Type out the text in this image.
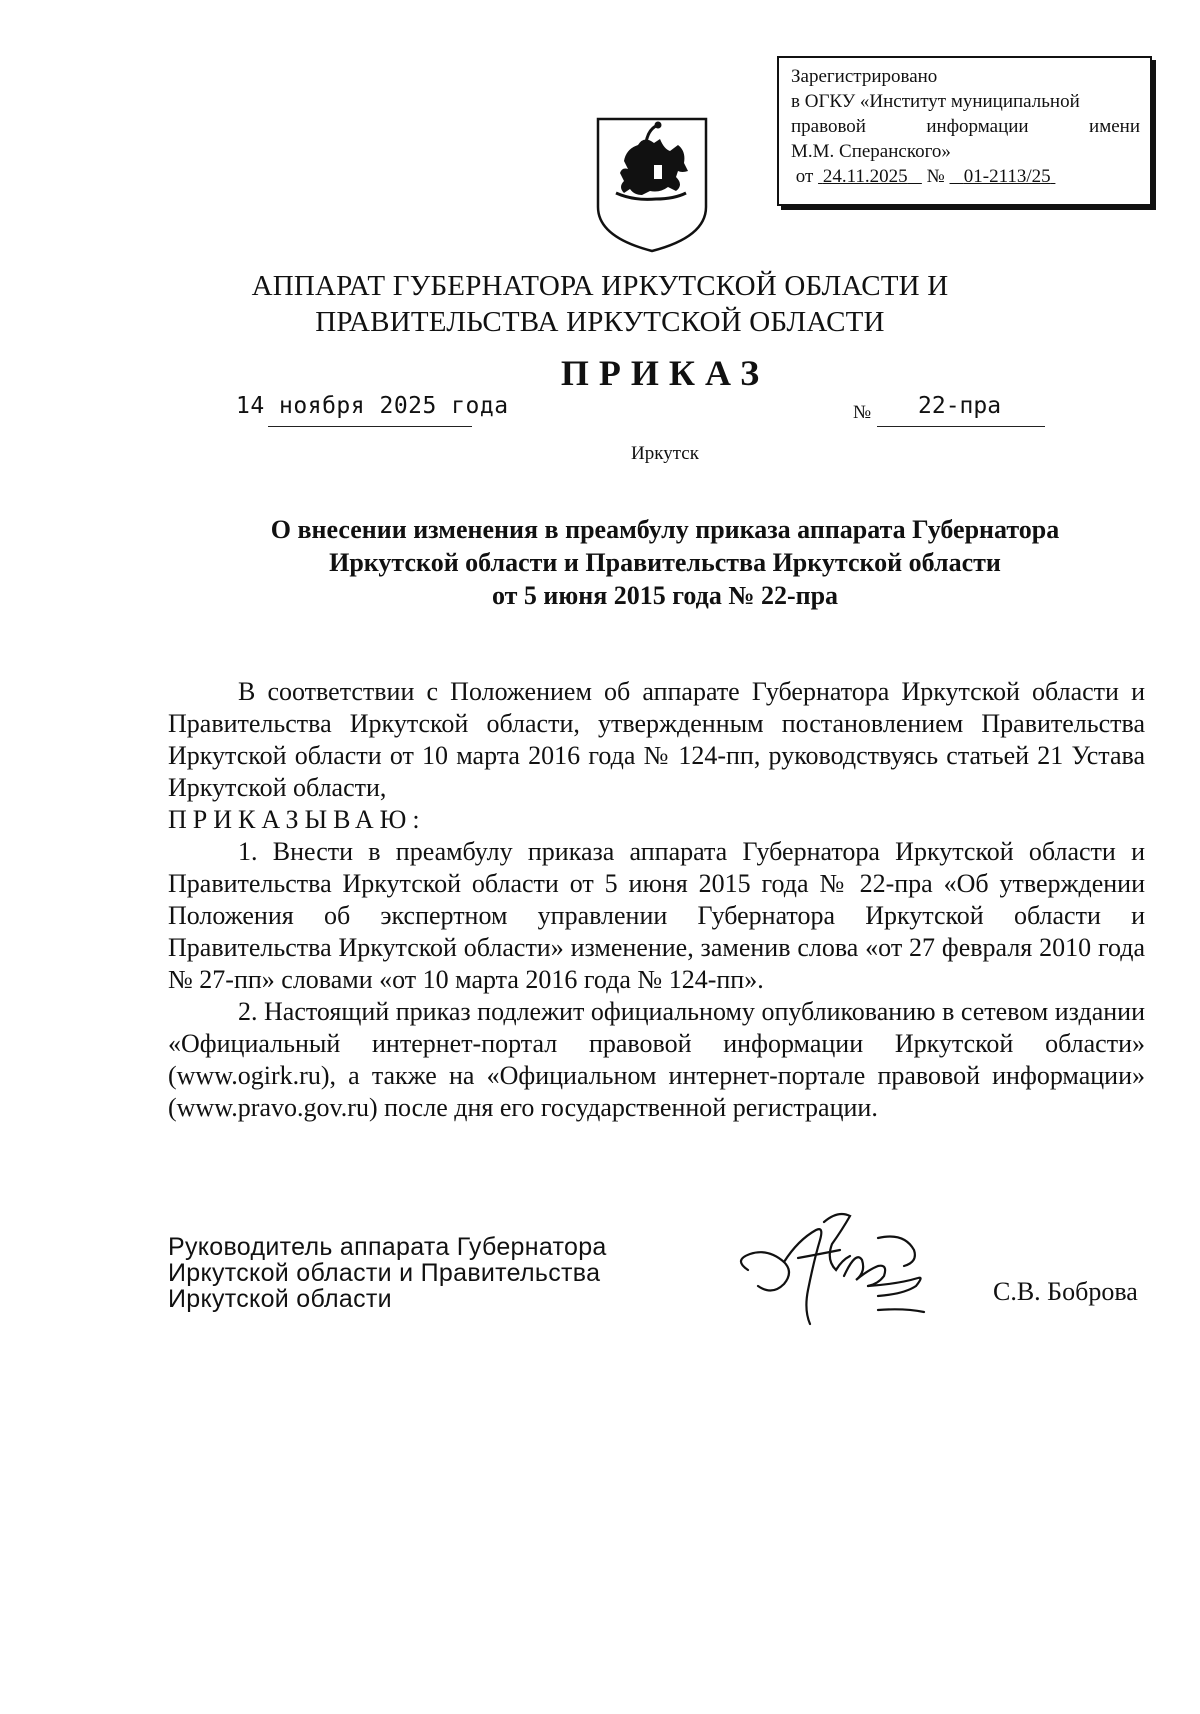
Зарегистрировано
в ОГКУ «Институт муниципальной
правовой	информации	имени
М.М. Сперанского»
от 24.11.2025 № 01-2113/25
АППАРАТ ГУБЕРНАТОРА ИРКУТСКОЙ ОБЛАСТИ И
ПРАВИТЕЛЬСТВА ИРКУТСКОЙ ОБЛАСТИ
ПРИКАЗ
14 ноября 2025 года	№ 22-пра
Иркутск
О внесении изменения в преамбулу приказа аппарата Губернатора
Иркутской области и Правительства Иркутской области
от 5 июня 2015 года № 22-пра

В соответствии с Положением об аппарате Губернатора Иркутской области и Правительства Иркутской области, утвержденным постановлением Правительства Иркутской области от 10 марта 2016 года № 124-пп, руководствуясь статьей 21 Устава Иркутской области,

ПРИКАЗЫВАЮ:

1. Внести в преамбулу приказа аппарата Губернатора Иркутской области и Правительства Иркутской области от 5 июня 2015 года № 22-пра «Об утверждении Положения об экспертном управлении Губернатора Иркутской области и Правительства Иркутской области» изменение, заменив слова «от 27 февраля 2010 года № 27-пп» словами «от 10 марта 2016 года № 124-пп».

2. Настоящий приказ подлежит официальному опубликованию в сетевом издании «Официальный интернет-портал правовой информации Иркутской области» (www.ogirk.ru), а также на «Официальном интернет-портале правовой информации» (www.pravo.gov.ru) после дня его государственной регистрации.

Руководитель аппарата Губернатора
Иркутской области и Правительства
Иркутской области	С.В. Боброва
